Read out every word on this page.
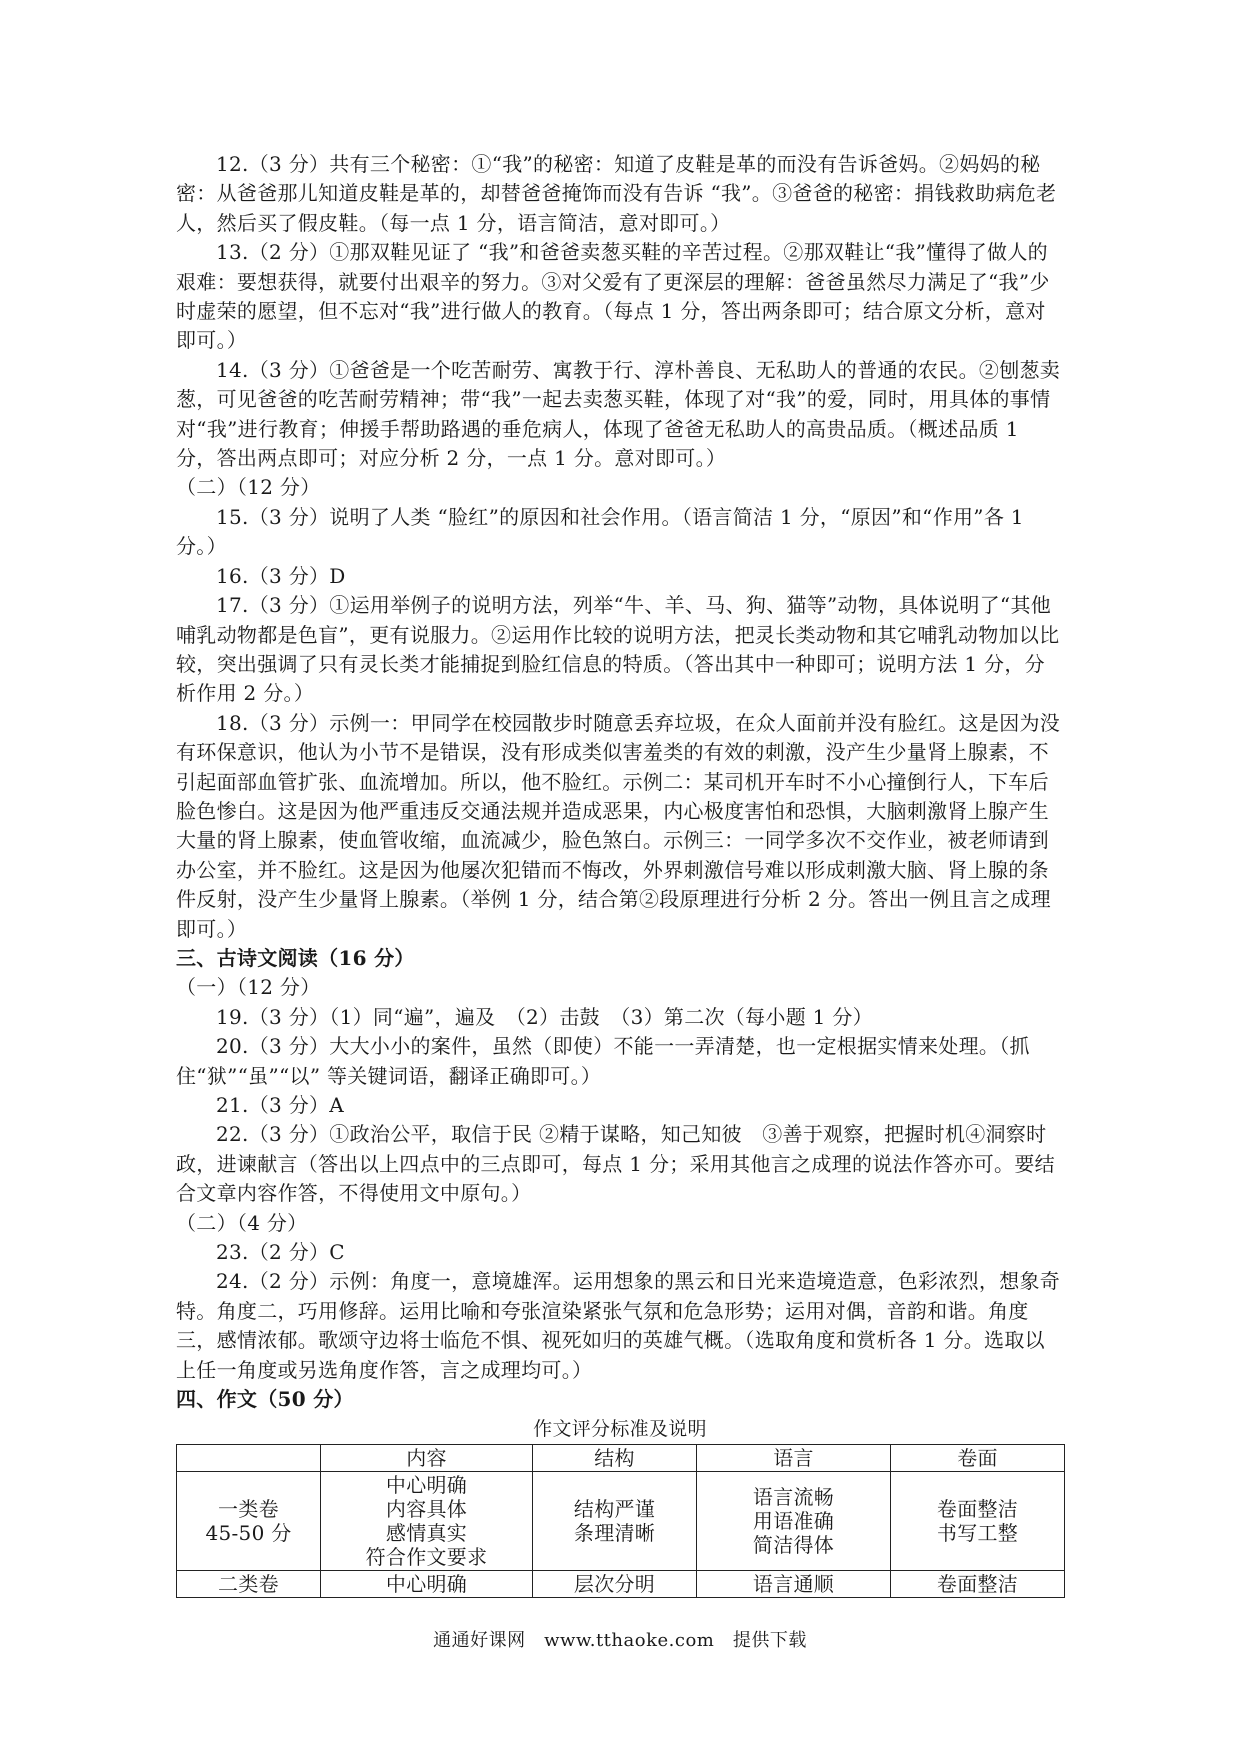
12.（3 分）共有三个秘密：①“我”的秘密：知道了皮鞋是革的而没有告诉爸妈。②妈妈的秘密：从爸爸那儿知道皮鞋是革的，却替爸爸掩饰而没有告诉 “我”。③爸爸的秘密：捐钱救助病危老人，然后买了假皮鞋。（每一点 1 分，语言简洁，意对即可。）

13.（2 分）①那双鞋见证了 “我”和爸爸卖葱买鞋的辛苦过程。②那双鞋让“我”懂得了做人的艰难：要想获得，就要付出艰辛的努力。③对父爱有了更深层的理解：爸爸虽然尽力满足了“我”少时虚荣的愿望，但不忘对“我”进行做人的教育。（每点 1 分，答出两条即可；结合原文分析，意对即可。）

14.（3 分）①爸爸是一个吃苦耐劳、寓教于行、淳朴善良、无私助人的普通的农民。②刨葱卖葱，可见爸爸的吃苦耐劳精神；带“我”一起去卖葱买鞋，体现了对“我”的爱，同时，用具体的事情对“我”进行教育；伸援手帮助路遇的垂危病人，体现了爸爸无私助人的高贵品质。（概述品质 1 分，答出两点即可；对应分析 2 分，一点 1 分。意对即可。）

（二）（12 分）

15.（3 分）说明了人类 “脸红”的原因和社会作用。（语言简洁 1 分，“原因”和“作用”各 1 分。）

16.（3 分）D

17.（3 分）①运用举例子的说明方法，列举“牛、羊、马、狗、猫等”动物，具体说明了“其他哺乳动物都是色盲”，更有说服力。②运用作比较的说明方法，把灵长类动物和其它哺乳动物加以比较，突出强调了只有灵长类才能捕捉到脸红信息的特质。（答出其中一种即可；说明方法 1 分，分析作用 2 分。）

18.（3 分）示例一：甲同学在校园散步时随意丢弃垃圾，在众人面前并没有脸红。这是因为没有环保意识，他认为小节不是错误，没有形成类似害羞类的有效的刺激，没产生少量肾上腺素，不引起面部血管扩张、血流增加。所以，他不脸红。示例二：某司机开车时不小心撞倒行人，下车后脸色惨白。这是因为他严重违反交通法规并造成恶果，内心极度害怕和恐惧，大脑刺激肾上腺产生大量的肾上腺素，使血管收缩，血流减少，脸色煞白。示例三：一同学多次不交作业，被老师请到办公室，并不脸红。这是因为他屡次犯错而不悔改，外界刺激信号难以形成刺激大脑、肾上腺的条件反射，没产生少量肾上腺素。（举例 1 分，结合第②段原理进行分析 2 分。答出一例且言之成理即可。）

三、古诗文阅读（16 分）

（一）（12 分）

19.（3 分）（1）同“遍”，遍及　（2）击鼓　（3）第二次（每小题 1 分）

20.（3 分）大大小小的案件，虽然（即使）不能一一弄清楚，也一定根据实情来处理。（抓住“狱”“虽”“以” 等关键词语，翻译正确即可。）

21.（3 分）A

22.（3 分）①政治公平，取信于民 ②精于谋略，知己知彼　③善于观察，把握时机④洞察时政，进谏献言（答出以上四点中的三点即可，每点 1 分；采用其他言之成理的说法作答亦可。要结合文章内容作答，不得使用文中原句。）

（二）（4 分）

23.（2 分）C

24.（2 分）示例：角度一，意境雄浑。运用想象的黑云和日光来造境造意，色彩浓烈，想象奇特。角度二，巧用修辞。运用比喻和夸张渲染紧张气氛和危急形势；运用对偶，音韵和谐。角度三，感情浓郁。歌颂守边将士临危不惧、视死如归的英雄气概。（选取角度和赏析各 1 分。选取以上任一角度或另选角度作答，言之成理均可。）

四、作文（50 分）

作文评分标准及说明
	内容	结构	语言	卷面

一类卷
45-50 分	中心明确
内容具体
感情真实
符合作文要求	结构严谨
条理清晰	语言流畅
用语准确
简洁得体	卷面整洁
书写工整

二类卷	中心明确	层次分明	语言通顺	卷面整洁
通通好课网　www.tthaoke.com　提供下载
